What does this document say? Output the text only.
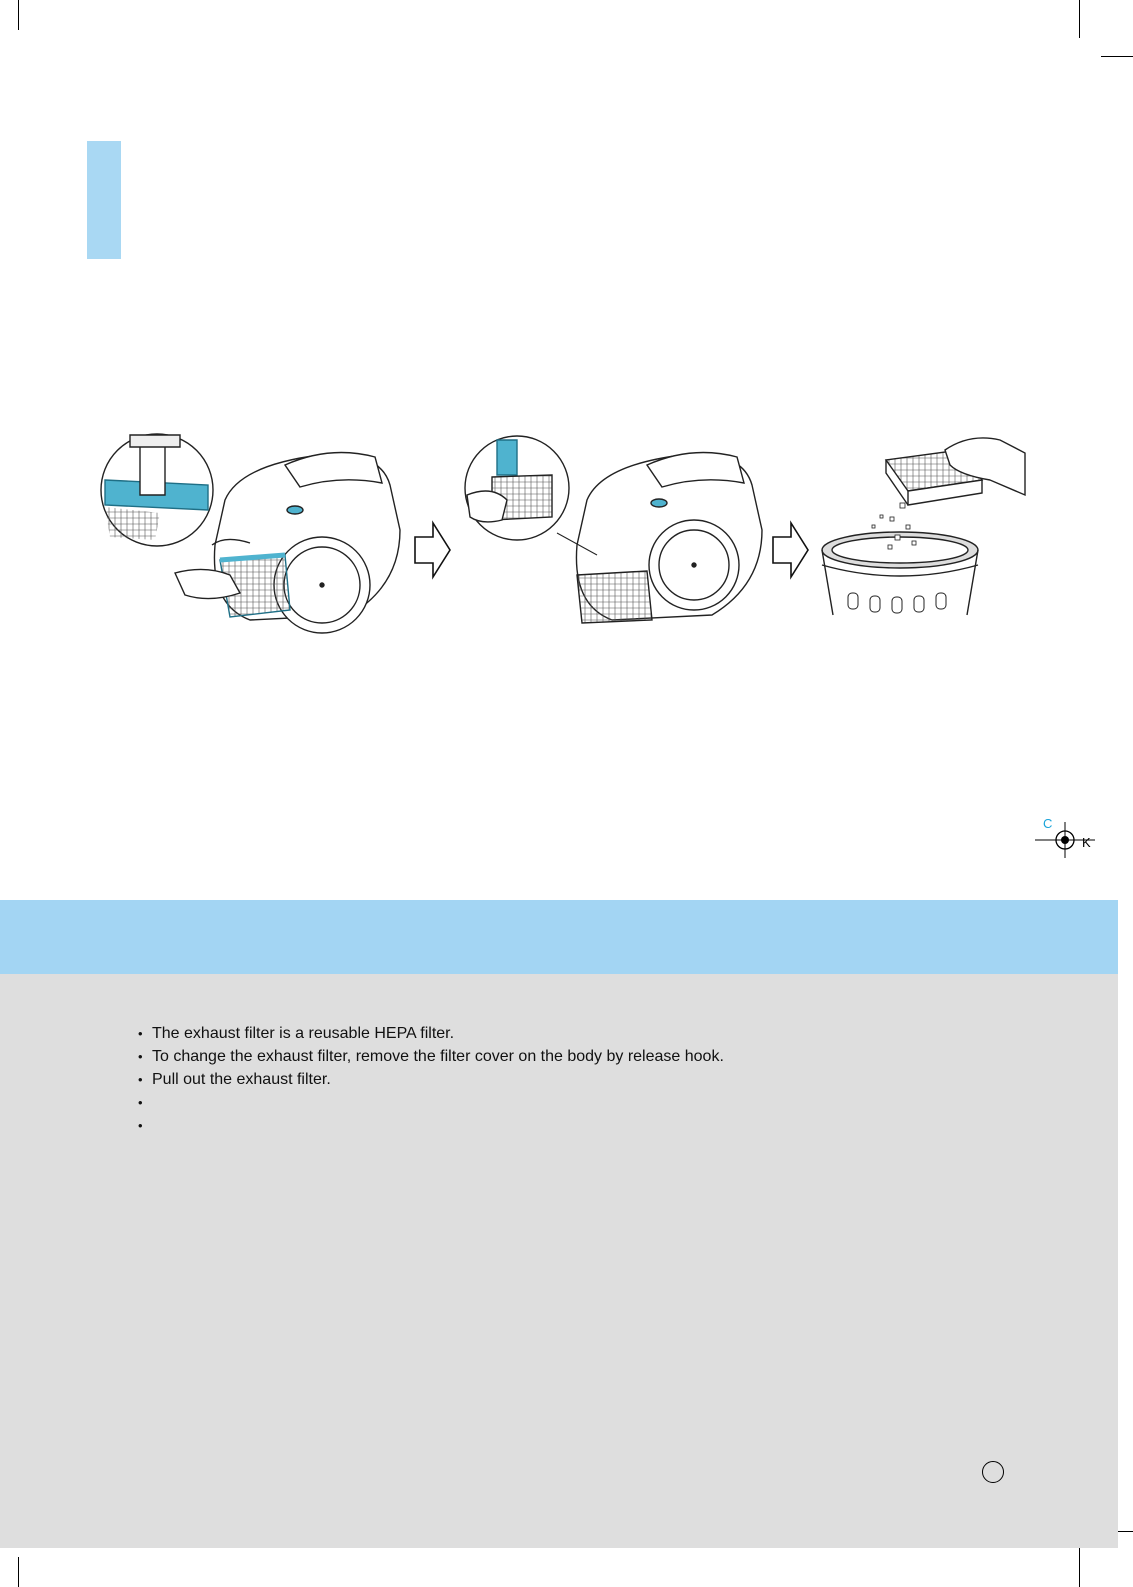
C
K
• The exhaust filter is a reusable HEPA filter.
• To change the exhaust filter, remove the filter cover on the body by release hook.
• Pull out the exhaust filter.
•
•
